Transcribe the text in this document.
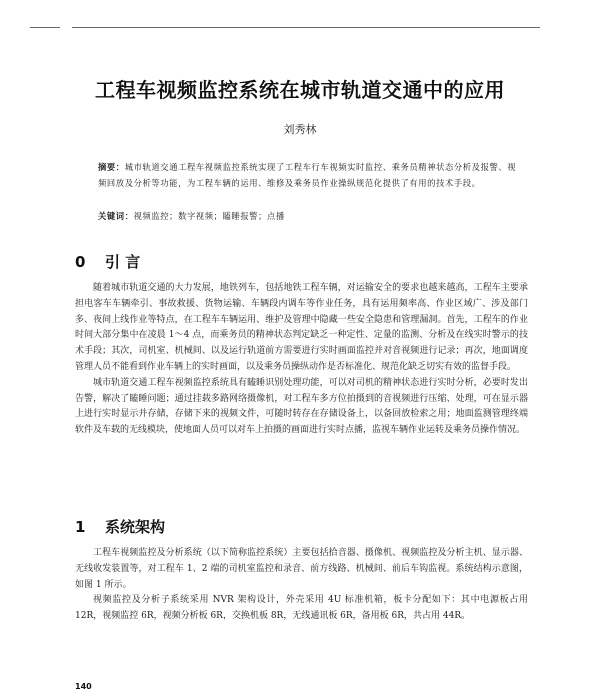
工程车视频监控系统在城市轨道交通中的应用
刘秀林
摘要：城市轨道交通工程车视频监控系统实现了工程车行车视频实时监控、乘务员精神状态分析及报警、视频回放及分析等功能，为工程车辆的运用、维修及乘务员作业操纵规范化提供了有用的技术手段。
关键词：视频监控；数字视频；瞌睡报警；点播
0 引 言

随着城市轨道交通的大力发展，地铁列车，包括地铁工程车辆，对运输安全的要求也越来越高，工程车主要承担电客车车辆牵引、事故救援、货物运输、车辆段内调车等作业任务，具有运用频率高、作业区域广、涉及部门多、夜间上线作业等特点，在工程车车辆运用、维护及管理中隐藏一些安全隐患和管理漏洞。首先，工程车的作业时间大部分集中在凌晨 1～4 点，而乘务员的精神状态判定缺乏一种定性、定量的监测、分析及在线实时警示的技术手段；其次，司机室、机械间、以及运行轨道前方需要进行实时画面监控并对音视频进行记录；再次，地面调度管理人员不能看到作业车辆上的实时画面，以及乘务员操纵动作是否标准化、规范化缺乏切实有效的监督手段。

城市轨道交通工程车视频监控系统具有瞌睡识别处理功能，可以对司机的精神状态进行实时分析，必要时发出告警，解决了瞌睡问题；通过挂载多路网络摄像机，对工程车多方位拍摄到的音视频进行压缩、处理，可在显示器上进行实时显示并存储，存储下来的视频文件，可随时转存在存储设备上，以备回放检索之用；地面监测管理终端软件及车载的无线模块，使地面人员可以对车上拍摄的画面进行实时点播，监视车辆作业运转及乘务员操作情况。

1 系统架构

工程车视频监控及分析系统（以下简称监控系统）主要包括拾音器、摄像机、视频监控及分析主机、显示器、无线收发装置等，对工程车 1、2 端的司机室监控和录音、前方线路、机械间、前后车钩监视。系统结构示意图，如图 1 所示。

视频监控及分析子系统采用 NVR 架构设计，外壳采用 4U 标准机箱，板卡分配如下：其中电源板占用 12R，视频监控 6R，视频分析板 6R，交换机板 8R，无线通讯板 6R，备用板 6R，共占用 44R。

140
